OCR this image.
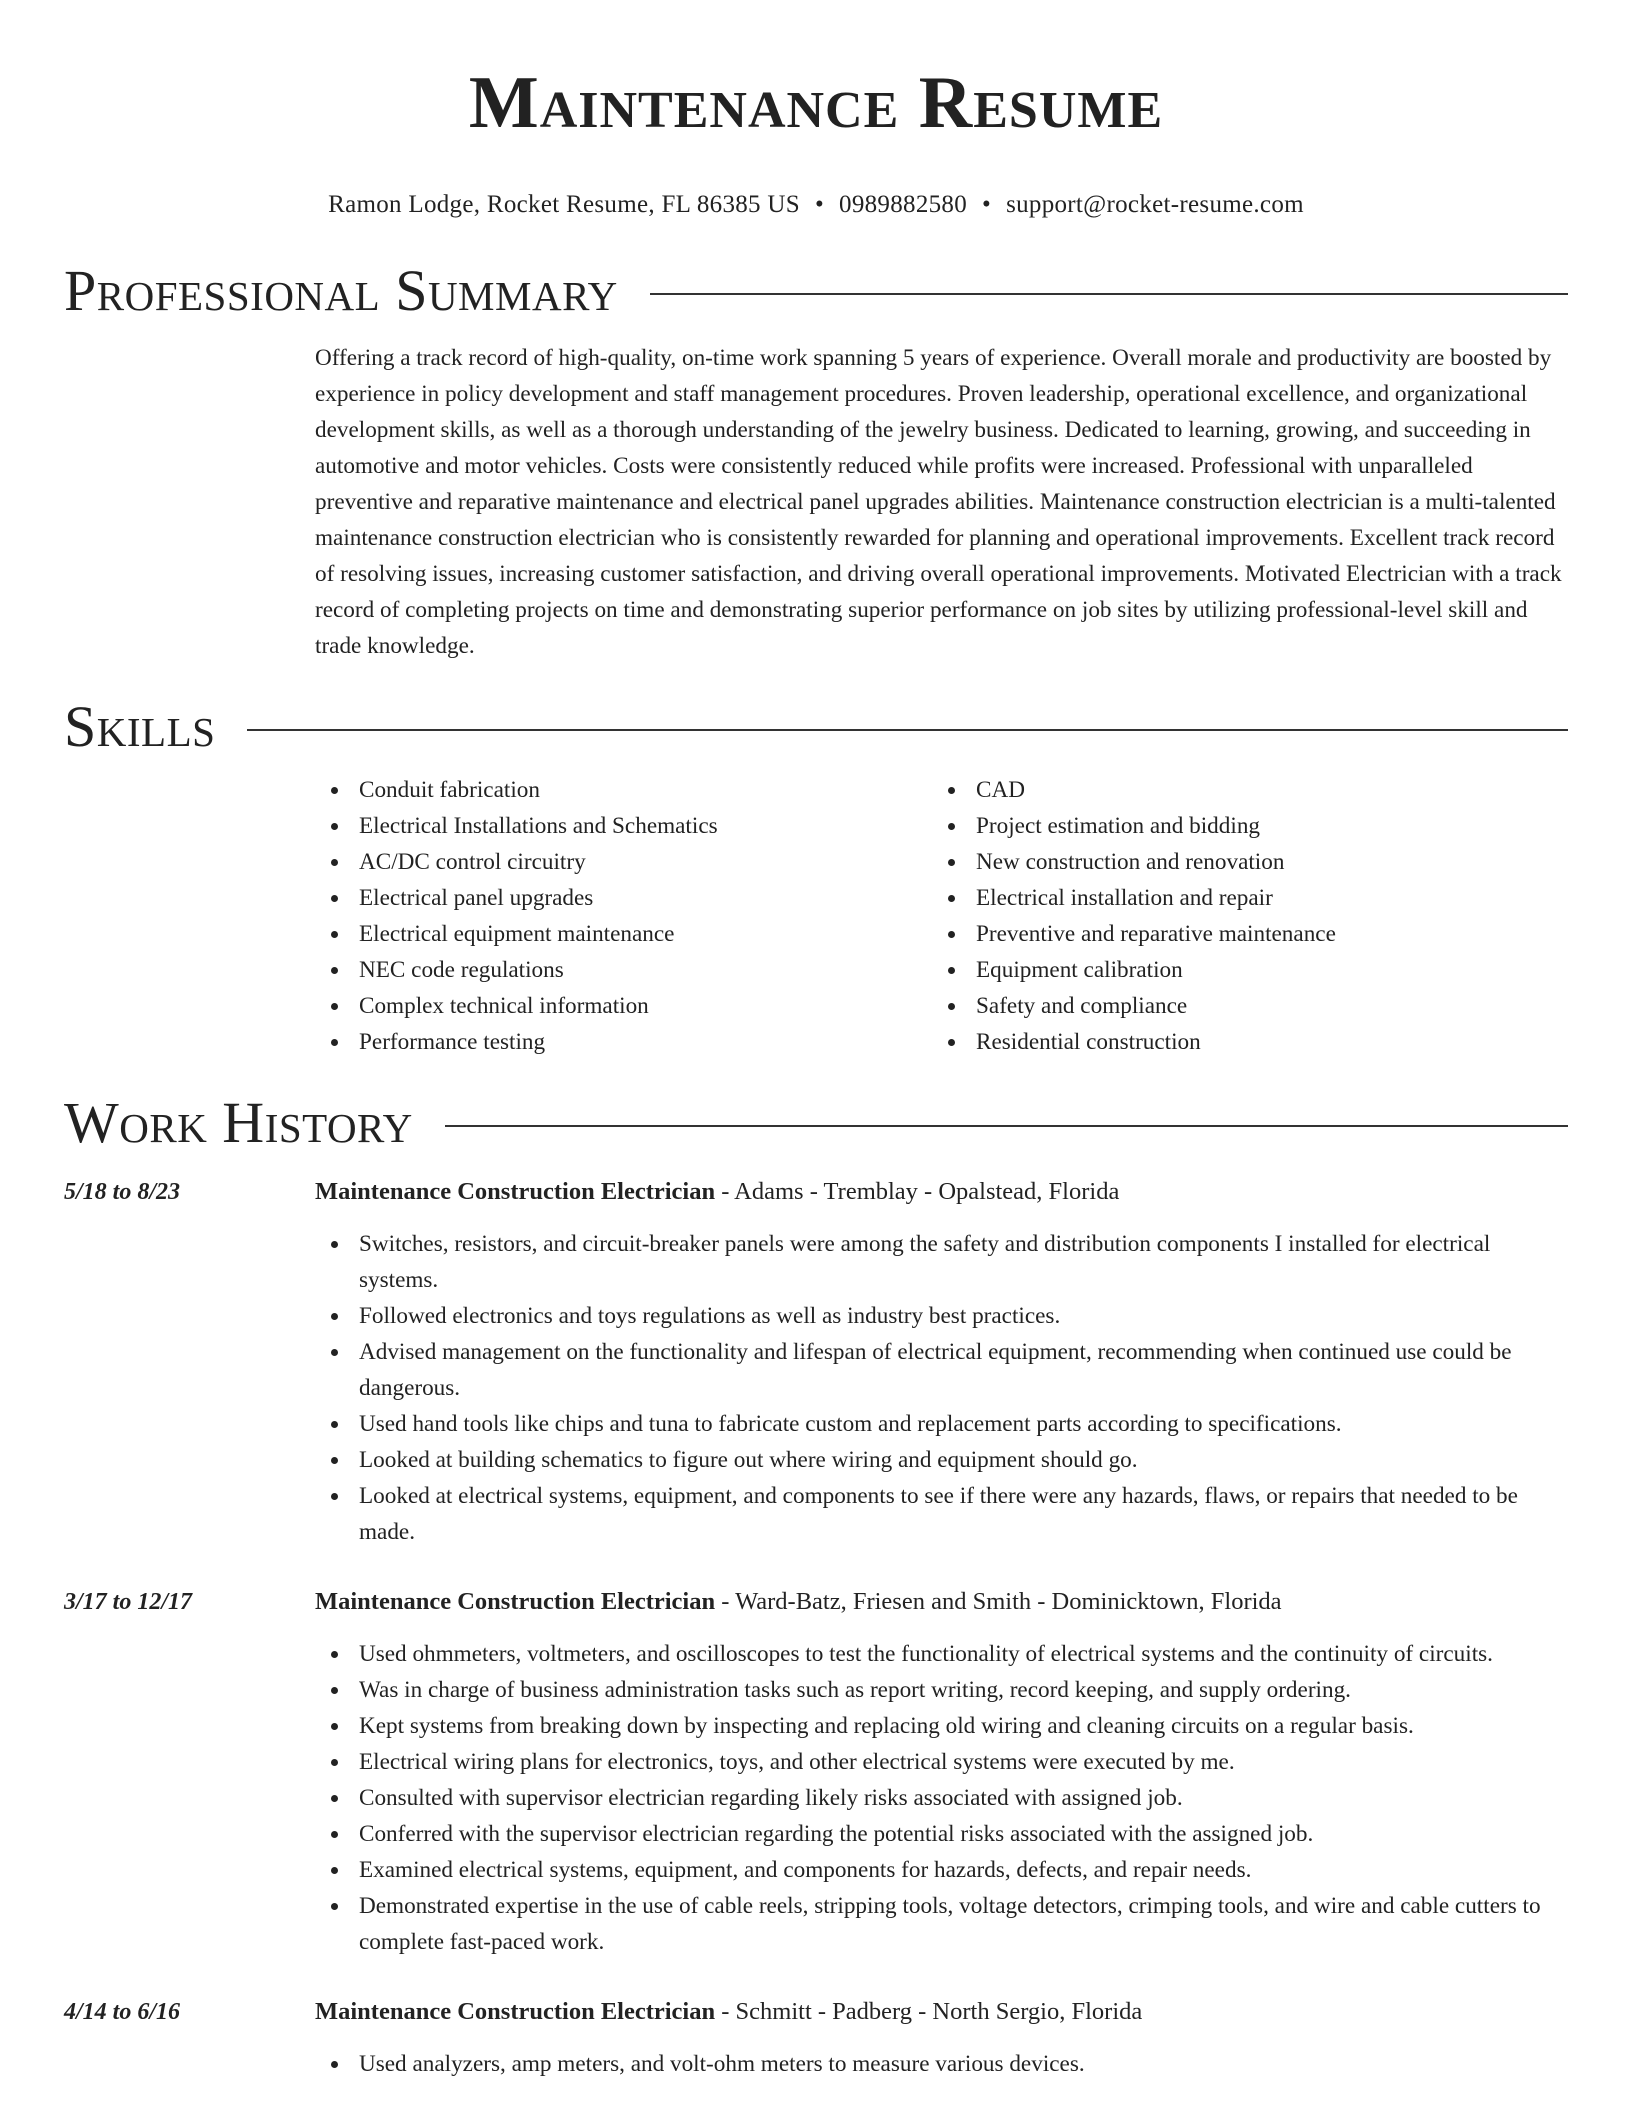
Maintenance Resume
Ramon Lodge, Rocket Resume, FL 86385 US • 0989882580 • support@rocket-resume.com
Professional Summary
Offering a track record of high-quality, on-time work spanning 5 years of experience. Overall morale and productivity are boosted by experience in policy development and staff management procedures. Proven leadership, operational excellence, and organizational development skills, as well as a thorough understanding of the jewelry business. Dedicated to learning, growing, and succeeding in automotive and motor vehicles. Costs were consistently reduced while profits were increased. Professional with unparalleled preventive and reparative maintenance and electrical panel upgrades abilities. Maintenance construction electrician is a multi-talented maintenance construction electrician who is consistently rewarded for planning and operational improvements. Excellent track record of resolving issues, increasing customer satisfaction, and driving overall operational improvements. Motivated Electrician with a track record of completing projects on time and demonstrating superior performance on job sites by utilizing professional-level skill and trade knowledge.
Skills
Conduit fabrication
Electrical Installations and Schematics
AC/DC control circuitry
Electrical panel upgrades
Electrical equipment maintenance
NEC code regulations
Complex technical information
Performance testing
CAD
Project estimation and bidding
New construction and renovation
Electrical installation and repair
Preventive and reparative maintenance
Equipment calibration
Safety and compliance
Residential construction
Work History
5/18 to 8/23	Maintenance Construction Electrician - Adams - Tremblay - Opalstead, Florida
Switches, resistors, and circuit-breaker panels were among the safety and distribution components I installed for electrical systems.
Followed electronics and toys regulations as well as industry best practices.
Advised management on the functionality and lifespan of electrical equipment, recommending when continued use could be dangerous.
Used hand tools like chips and tuna to fabricate custom and replacement parts according to specifications.
Looked at building schematics to figure out where wiring and equipment should go.
Looked at electrical systems, equipment, and components to see if there were any hazards, flaws, or repairs that needed to be made.
3/17 to 12/17	Maintenance Construction Electrician - Ward-Batz, Friesen and Smith - Dominicktown, Florida
Used ohmmeters, voltmeters, and oscilloscopes to test the functionality of electrical systems and the continuity of circuits.
Was in charge of business administration tasks such as report writing, record keeping, and supply ordering.
Kept systems from breaking down by inspecting and replacing old wiring and cleaning circuits on a regular basis.
Electrical wiring plans for electronics, toys, and other electrical systems were executed by me.
Consulted with supervisor electrician regarding likely risks associated with assigned job.
Conferred with the supervisor electrician regarding the potential risks associated with the assigned job.
Examined electrical systems, equipment, and components for hazards, defects, and repair needs.
Demonstrated expertise in the use of cable reels, stripping tools, voltage detectors, crimping tools, and wire and cable cutters to complete fast-paced work.
4/14 to 6/16	Maintenance Construction Electrician - Schmitt - Padberg - North Sergio, Florida
Used analyzers, amp meters, and volt-ohm meters to measure various devices.
